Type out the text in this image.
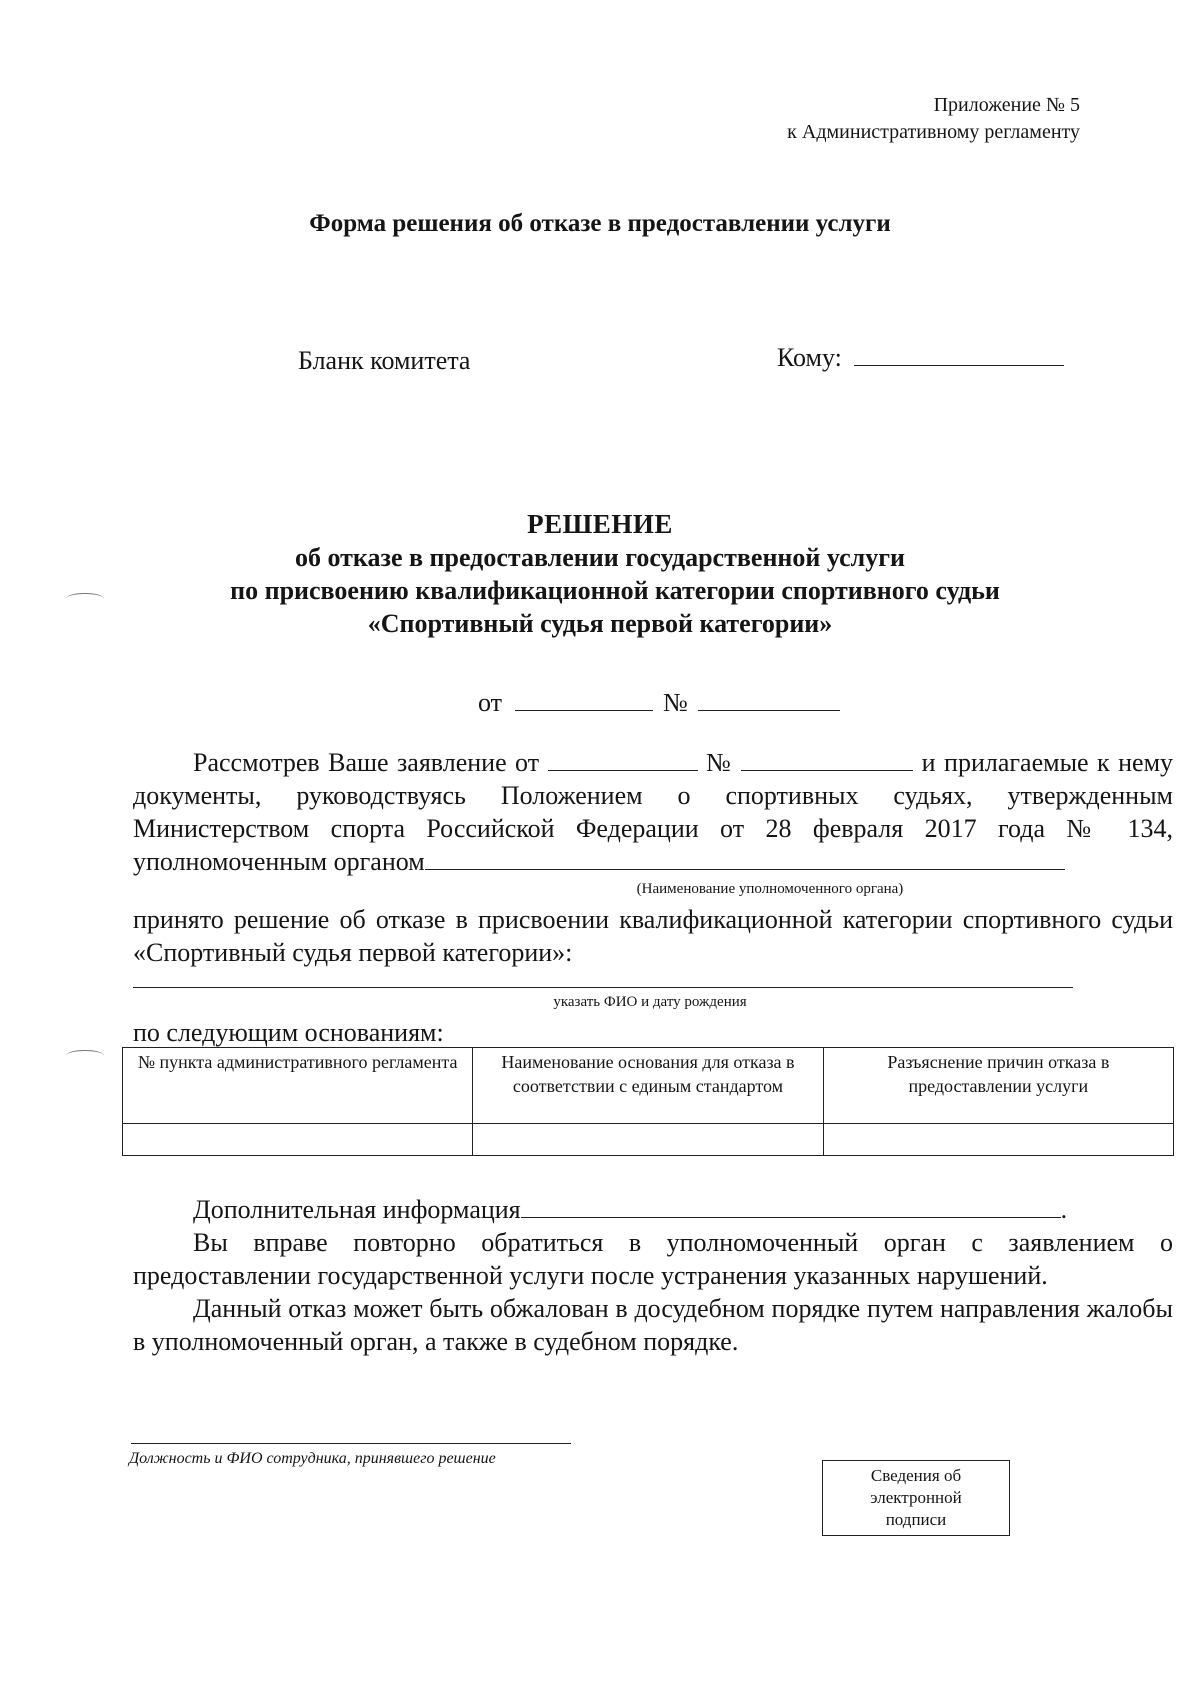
Приложение № 5
к Административному регламенту
Форма решения об отказе в предоставлении услуги
Бланк комитета	Кому:
РЕШЕНИЕ
об отказе в предоставлении государственной услуги
по присвоению квалификационной категории спортивного судьи
«Спортивный судья первой категории»
от	№
Рассмотрев Ваше заявление от	№	и прилагаемые к нему документы, руководствуясь Положением о спортивных судьях, утвержденным Министерством спорта Российской Федерации от 28 февраля 2017 года № 134, уполномоченным органом
(Наименование уполномоченного органа)
принято решение об отказе в присвоении квалификационной категории спортивного судьи «Спортивный судья первой категории»:
указать ФИО и дату рождения
по следующим основаниям:
№ пункта административного регламента	Наименование основания для отказа в соответствии с единым стандартом	Разъяснение причин отказа в предоставлении услуги

Дополнительная информация	.
Вы вправе повторно обратиться в уполномоченный орган с заявлением о предоставлении государственной услуги после устранения указанных нарушений.
Данный отказ может быть обжалован в досудебном порядке путем направления жалобы в уполномоченный орган, а также в судебном порядке.
Должность и ФИО сотрудника, принявшего решение
Сведения об
электронной
подписи
